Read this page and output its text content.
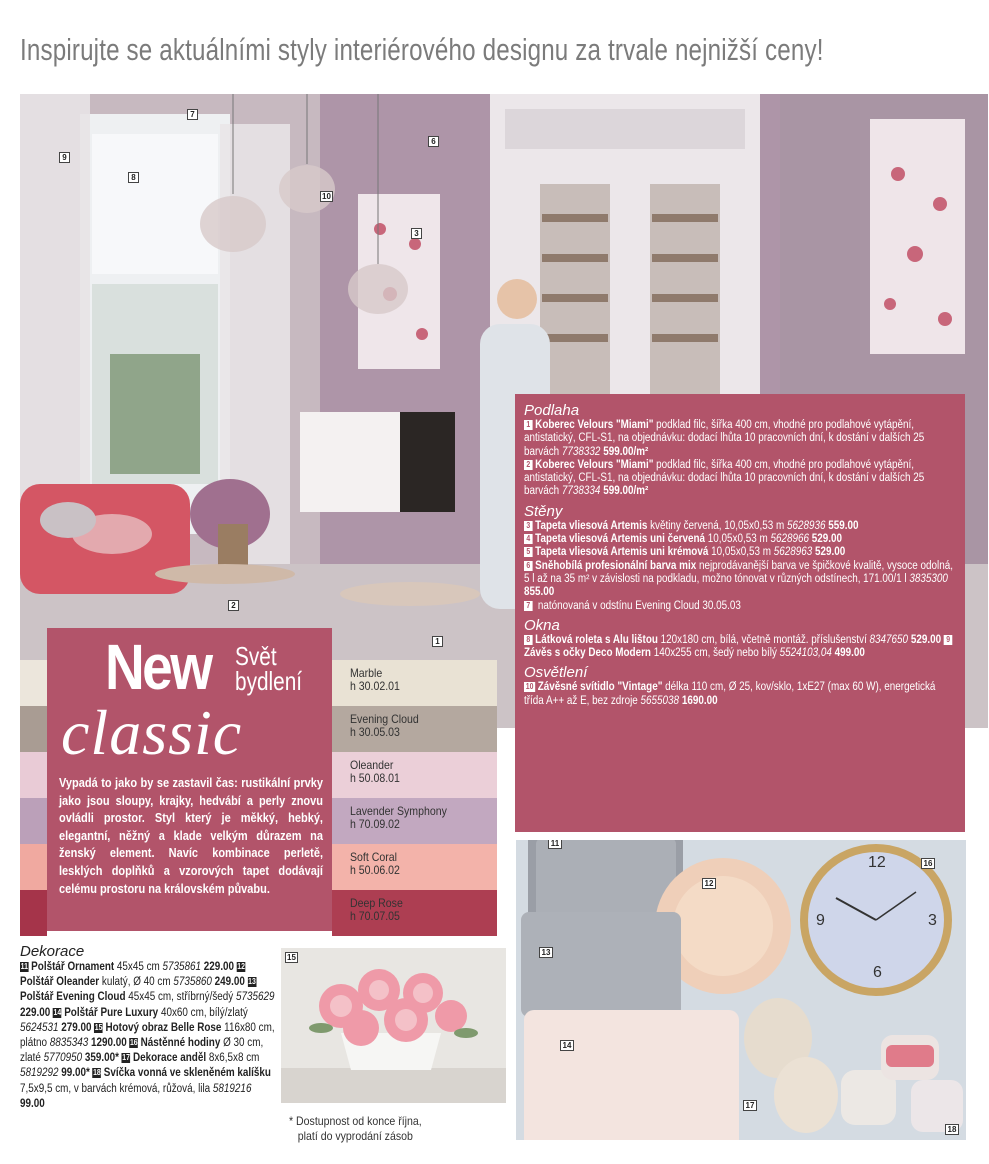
Inspirujte se aktuálními styly interiérového designu za trvale nejnižší ceny!
1
2
3
6
7
8
9
10
Podlaha

1 Koberec Velours "Miami" podklad filc, šířka 400 cm, vhodné pro podlahové vytápění, antistatický, CFL-S1, na objednávku: dodací lhůta 10 pracovních dní, k dostání v dalších 25 barvách 7738332 599.00/m²

2 Koberec Velours "Miami" podklad filc, šířka 400 cm, vhodné pro podlahové vytápění, antistatický, CFL-S1, na objednávku: dodací lhůta 10 pracovních dní, k dostání v dalších 25 barvách 7738334 599.00/m²

Stěny

3 Tapeta vliesová Artemis květiny červená, 10,05x0,53 m 5628936 559.00

4 Tapeta vliesová Artemis uni červená 10,05x0,53 m 5628966 529.00

5 Tapeta vliesová Artemis uni krémová 10,05x0,53 m 5628963 529.00

6 Sněhobílá profesionální barva mix nejprodávanější barva ve špičkové kvalitě, vysoce odolná, 5 l až na 35 m² v závislosti na podkladu, možno tónovat v různých odstínech, 171.00/1 l 3835300 855.00

7 natónovaná v odstínu Evening Cloud 30.05.03

Okna

8 Látková roleta s Alu lištou 120x180 cm, bílá, včetně montáž. příslušenství 8347650 529.00 9Závěs s očky Deco Modern 140x255 cm, šedý nebo bílý 5524103,04 499.00

Osvětlení

10 Závěsné svítidlo "Vintage" délka 110 cm, Ø 25, kov/sklo, 1xE27 (max 60 W), energetická třída A++ až E, bez zdroje 5655038 1690.00

New Svět
bydlení
classic
Vypadá to jako by se zastavil čas: rustikální prvky jako jsou sloupy, krajky, hedvábí a perly znovu ovládli prostor. Styl který je měkký, hebký, elegantní, něžný a klade velkým důrazem na ženský element. Navíc kombinace perletě, lesklých doplňků a vzorových tapet dodávají celému prostoru na královském půvabu.
Marble
h 30.02.01
Evening Cloud
h 30.05.03
Oleander
h 50.08.01
Lavender Symphony
h 70.09.02
Soft Coral
h 50.06.02
Deep Rose
h 70.07.05
Dekorace

11 Polštář Ornament 45x45 cm 5735861 229.00 12Polštář Oleander kulatý, Ø 40 cm 5735860 249.00 13Polštář Evening Cloud 45x45 cm, stříbrný/šedý 5735629 229.00 14 Polštář Pure Luxury 40x60 cm, bílý/zlatý 5624531 279.00 15 Hotový obraz Belle Rose 116x80 cm, plátno 8835343 1290.00 16 Nástěnné hodiny Ø 30 cm, zlaté 5770950 359.00* 17 Dekorace anděl 8x6,5x8 cm 5819292 99.00* 18 Svíčka vonná ve skleněném kalíšku 7,5x9,5 cm, v barvách krémová, růžová, lila 5819216 99.00

15
* Dostupnost od konce října,
platí do vyprodání zásob
12
3
6
9
11
12
13
14
16
17
18
